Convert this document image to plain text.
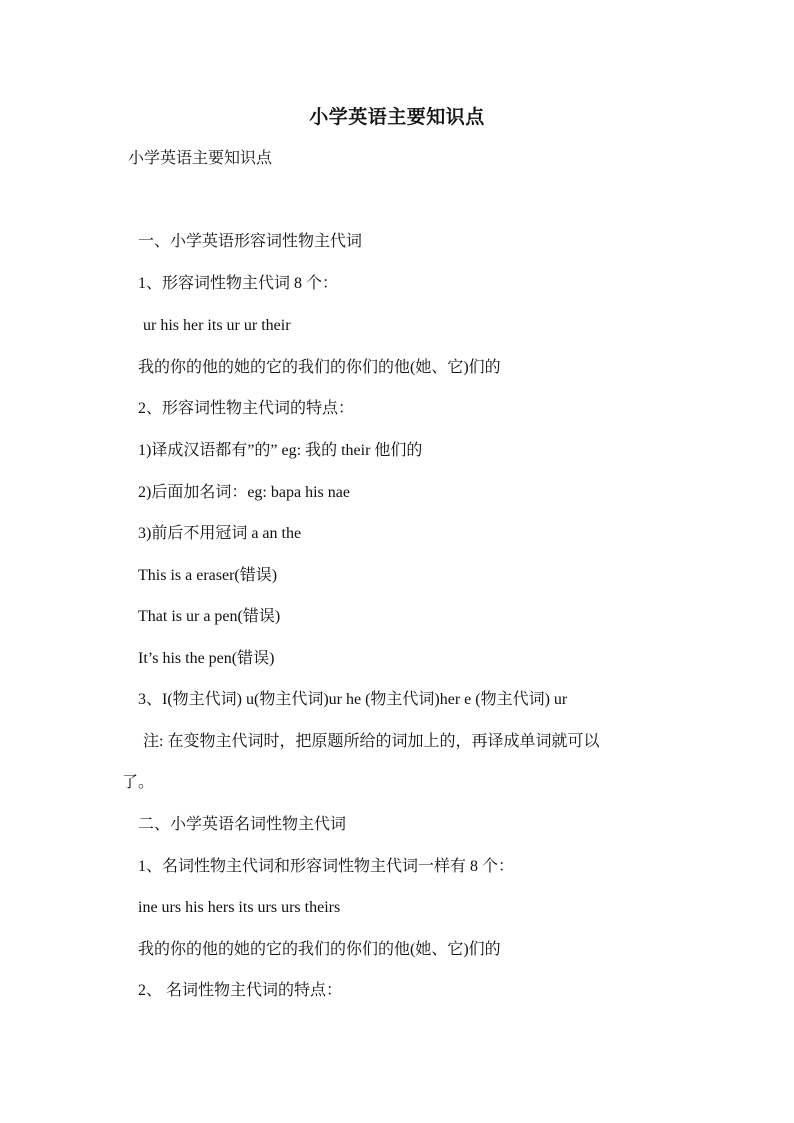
小学英语主要知识点
小学英语主要知识点
一、小学英语形容词性物主代词
1、形容词性物主代词 8 个：
ur his her its ur ur their
我的你的他的她的它的我们的你们的他(她、它)们的
2、形容词性物主代词的特点：
1)译成汉语都有”的” eg: 我的 their 他们的
2)后面加名词：eg: bapa his nae
3)前后不用冠词 a an the
This is a eraser(错误)
That is ur a pen(错误)
It’s his the pen(错误)
3、I(物主代词) u(物主代词)ur he (物主代词)her e (物主代词) ur
注: 在变物主代词时，把原题所给的词加上的，再译成单词就可以
了。
二、小学英语名词性物主代词
1、名词性物主代词和形容词性物主代词一样有 8 个：
ine urs his hers its urs urs theirs
我的你的他的她的它的我们的你们的他(她、它)们的
2、 名词性物主代词的特点：
